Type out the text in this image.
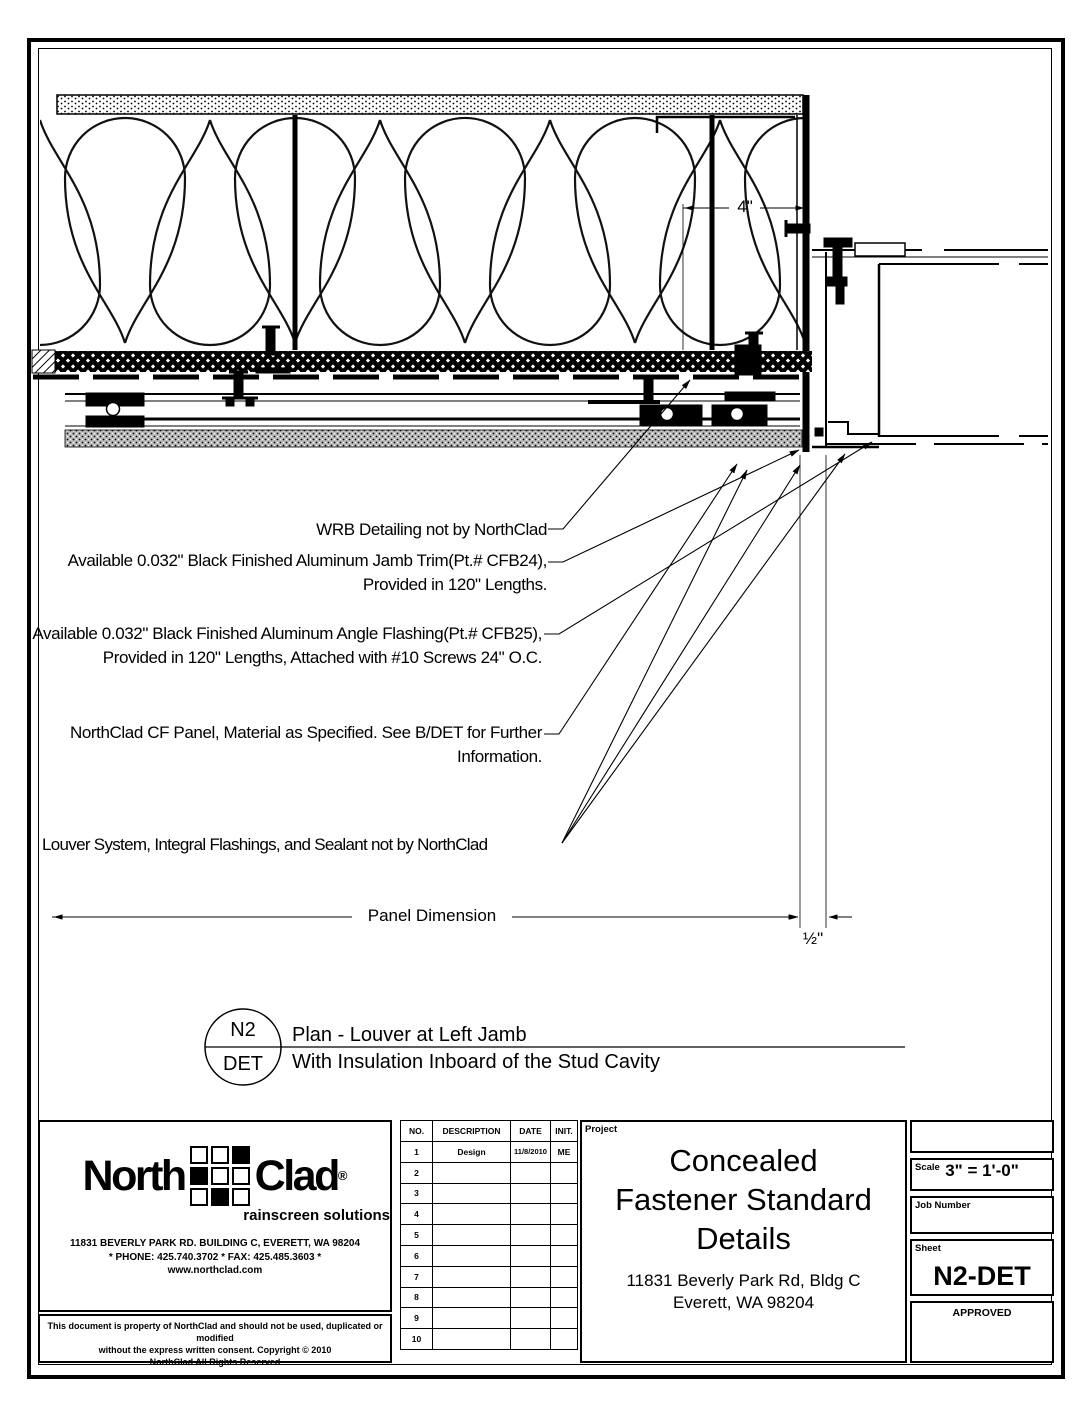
4"
WRB Detailing not by NorthClad
Available 0.032" Black Finished Aluminum Jamb Trim(Pt.# CFB24), Provided in 120" Lengths.
Available 0.032" Black Finished Aluminum Angle Flashing(Pt.# CFB25), Provided in 120" Lengths, Attached with #10 Screws 24" O.C.
NorthClad CF Panel, Material as Specified. See B/DET for Further Information.
Louver System, Integral Flashings, and Sealant not by NorthClad
Panel Dimension
½"
N2
DET
Plan - Louver at Left Jamb
With Insulation Inboard of the Stud Cavity
North Clad ®
rainscreen solutions
11831 BEVERLY PARK RD. BUILDING C, EVERETT, WA 98204
* PHONE: 425.740.3702 * FAX: 425.485.3603 *
www.northclad.com
This document is property of NorthClad and should not be used, duplicated or modified
without the express written consent. Copyright © 2010
NorthClad All Rights Reserved
NO.	DESCRIPTION	DATE	INIT.
1	Design	11/8/2010	ME
2			
3			
4			
5			
6			
7			
8			
9			
10			
Project
Concealed
Fastener Standard
Details
11831 Beverly Park Rd, Bldg C
Everett, WA 98204
Scale 3" = 1'-0"
Job Number
Sheet
N2-DET
APPROVED
